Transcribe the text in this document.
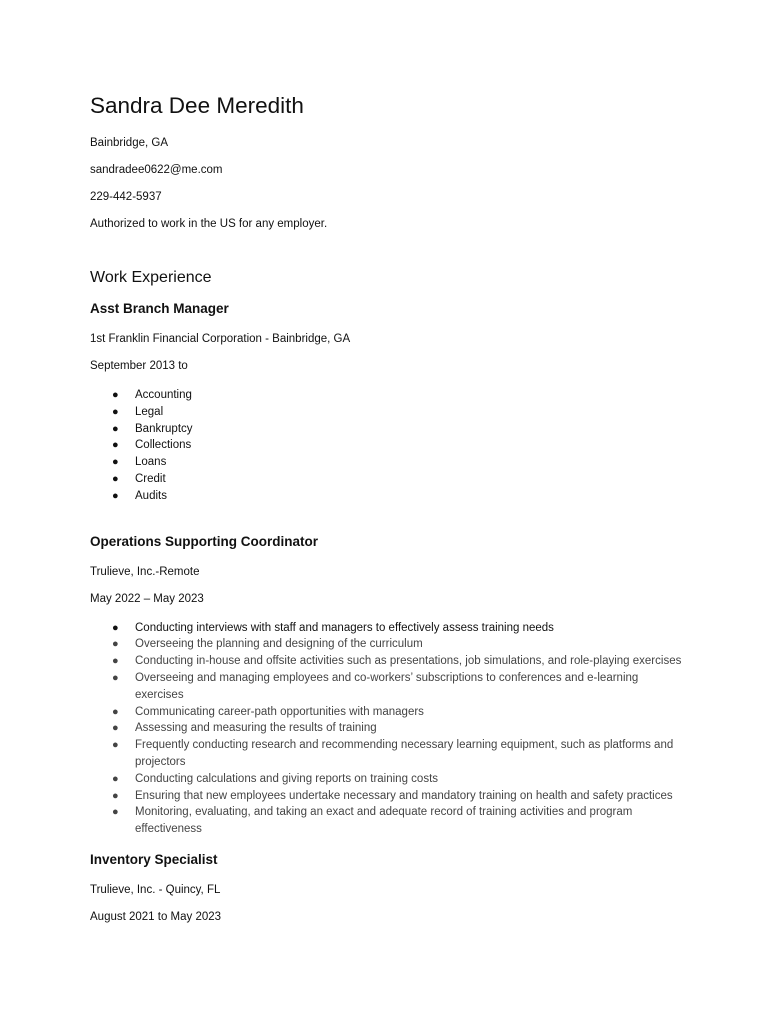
Sandra Dee Meredith

Bainbridge, GA

sandradee0622@me.com

229-442-5937

Authorized to work in the US for any employer.

Work Experience
Asst Branch Manager

1st Franklin Financial Corporation - Bainbridge, GA

September 2013 to

● Accounting
● Legal
● Bankruptcy
● Collections
● Loans
● Credit
● Audits
Operations Supporting Coordinator

Trulieve, Inc.-Remote

May 2022 – May 2023

● Conducting interviews with staff and managers to effectively assess training needs
● Overseeing the planning and designing of the curriculum
● Conducting in-house and offsite activities such as presentations, job simulations, and role-playing exercises
● Overseeing and managing employees and co-workers’ subscriptions to conferences and e-learning exercises
● Communicating career-path opportunities with managers
● Assessing and measuring the results of training
● Frequently conducting research and recommending necessary learning equipment, such as platforms and projectors
● Conducting calculations and giving reports on training costs
● Ensuring that new employees undertake necessary and mandatory training on health and safety practices
● Monitoring, evaluating, and taking an exact and adequate record of training activities and program effectiveness
Inventory Specialist

Trulieve, Inc. - Quincy, FL

August 2021 to May 2023
